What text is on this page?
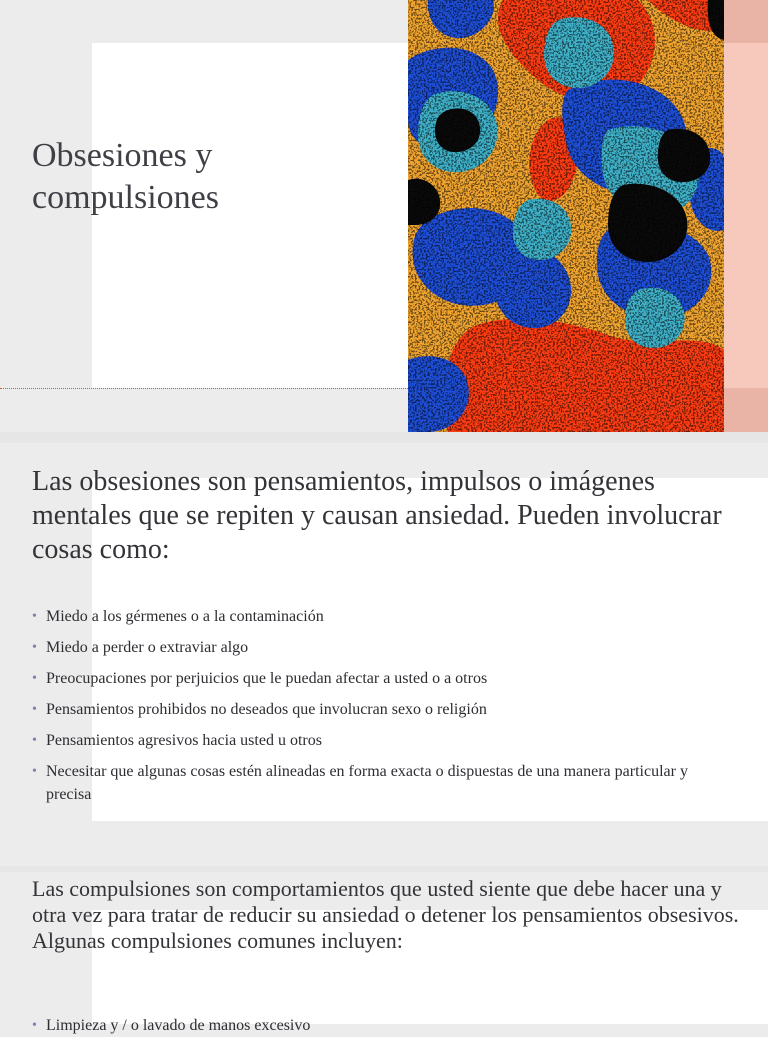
Obsesiones y
compulsiones

Las obsesiones son pensamientos, impulsos o imágenes mentales que se repiten y causan ansiedad. Pueden involucrar cosas como:

• Miedo a los gérmenes o a la contaminación
• Miedo a perder o extraviar algo
• Preocupaciones por perjuicios que le puedan afectar a usted o a otros
• Pensamientos prohibidos no deseados que involucran sexo o religión
• Pensamientos agresivos hacia usted u otros
• Necesitar que algunas cosas estén alineadas en forma exacta o dispuestas de una manera particular y precisa

Las compulsiones son comportamientos que usted siente que debe hacer una y otra vez para tratar de reducir su ansiedad o detener los pensamientos obsesivos. Algunas compulsiones comunes incluyen:

• Limpieza y / o lavado de manos excesivo
